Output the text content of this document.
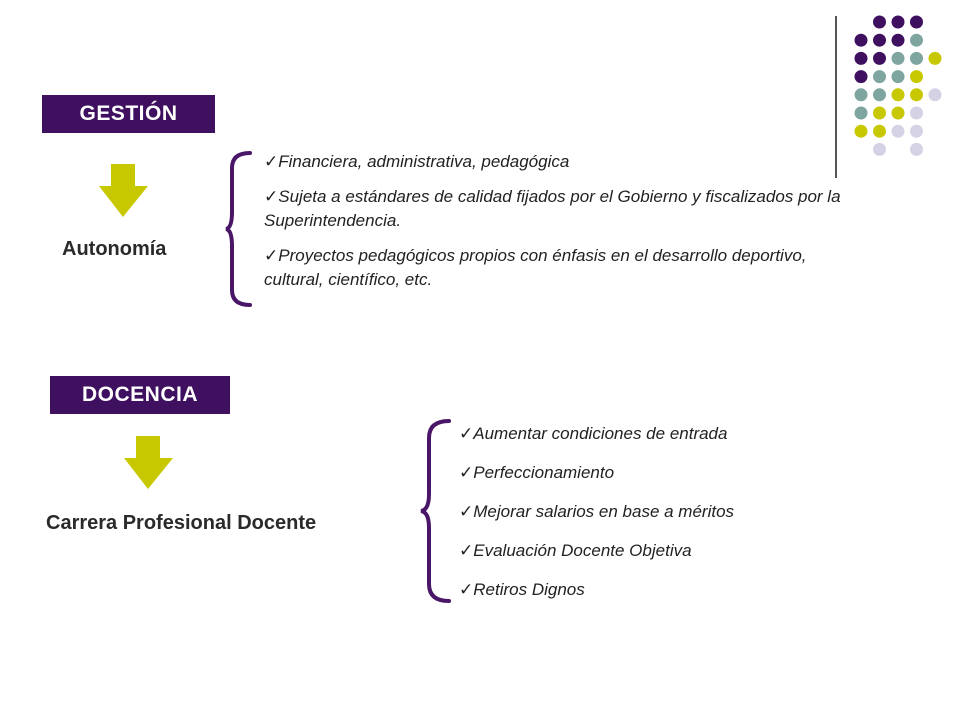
GESTIÓN
Autonomía
✓Financiera, administrativa, pedagógica
✓Sujeta a estándares de calidad fijados por el Gobierno y fiscalizados por la Superintendencia.
✓Proyectos pedagógicos propios con énfasis en el desarrollo deportivo, cultural, científico, etc.
DOCENCIA
Carrera Profesional Docente
✓Aumentar condiciones de entrada
✓Perfeccionamiento
✓Mejorar salarios en base a méritos
✓Evaluación Docente Objetiva
✓Retiros Dignos
